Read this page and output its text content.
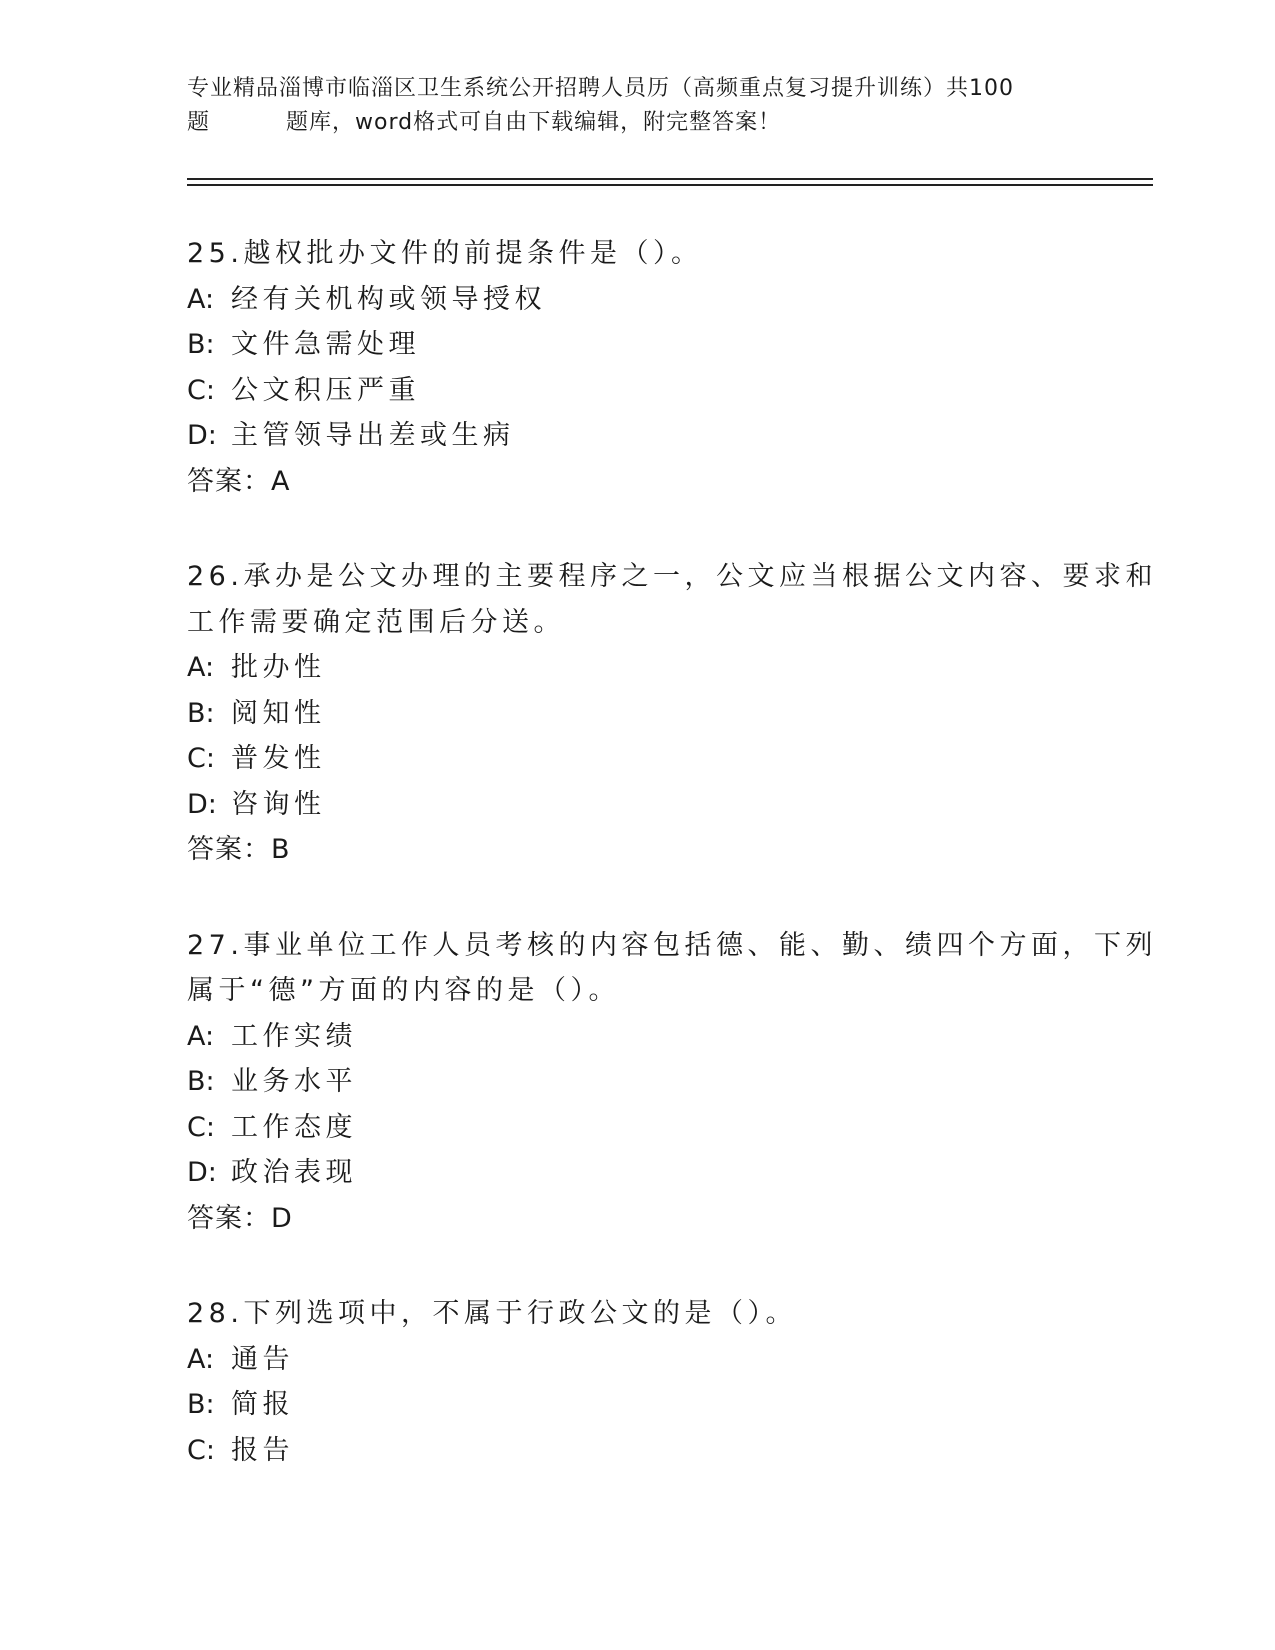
专业精品淄博市临淄区卫生系统公开招聘人员历（高频重点复习提升训练）共100
题	题库，word格式可自由下载编辑，附完整答案！
25.越权批办文件的前提条件是（）。
A: 经有关机构或领导授权
B: 文件急需处理
C: 公文积压严重
D: 主管领导出差或生病
答案：A
26.承办是公文办理的主要程序之一，公文应当根据公文内容、要求和
工作需要确定范围后分送。
A: 批办性
B: 阅知性
C: 普发性
D: 咨询性
答案：B
27.事业单位工作人员考核的内容包括德、能、勤、绩四个方面，下列
属于“德”方面的内容的是（）。
A: 工作实绩
B: 业务水平
C: 工作态度
D: 政治表现
答案：D
28.下列选项中，不属于行政公文的是（）。
A: 通告
B: 简报
C: 报告
